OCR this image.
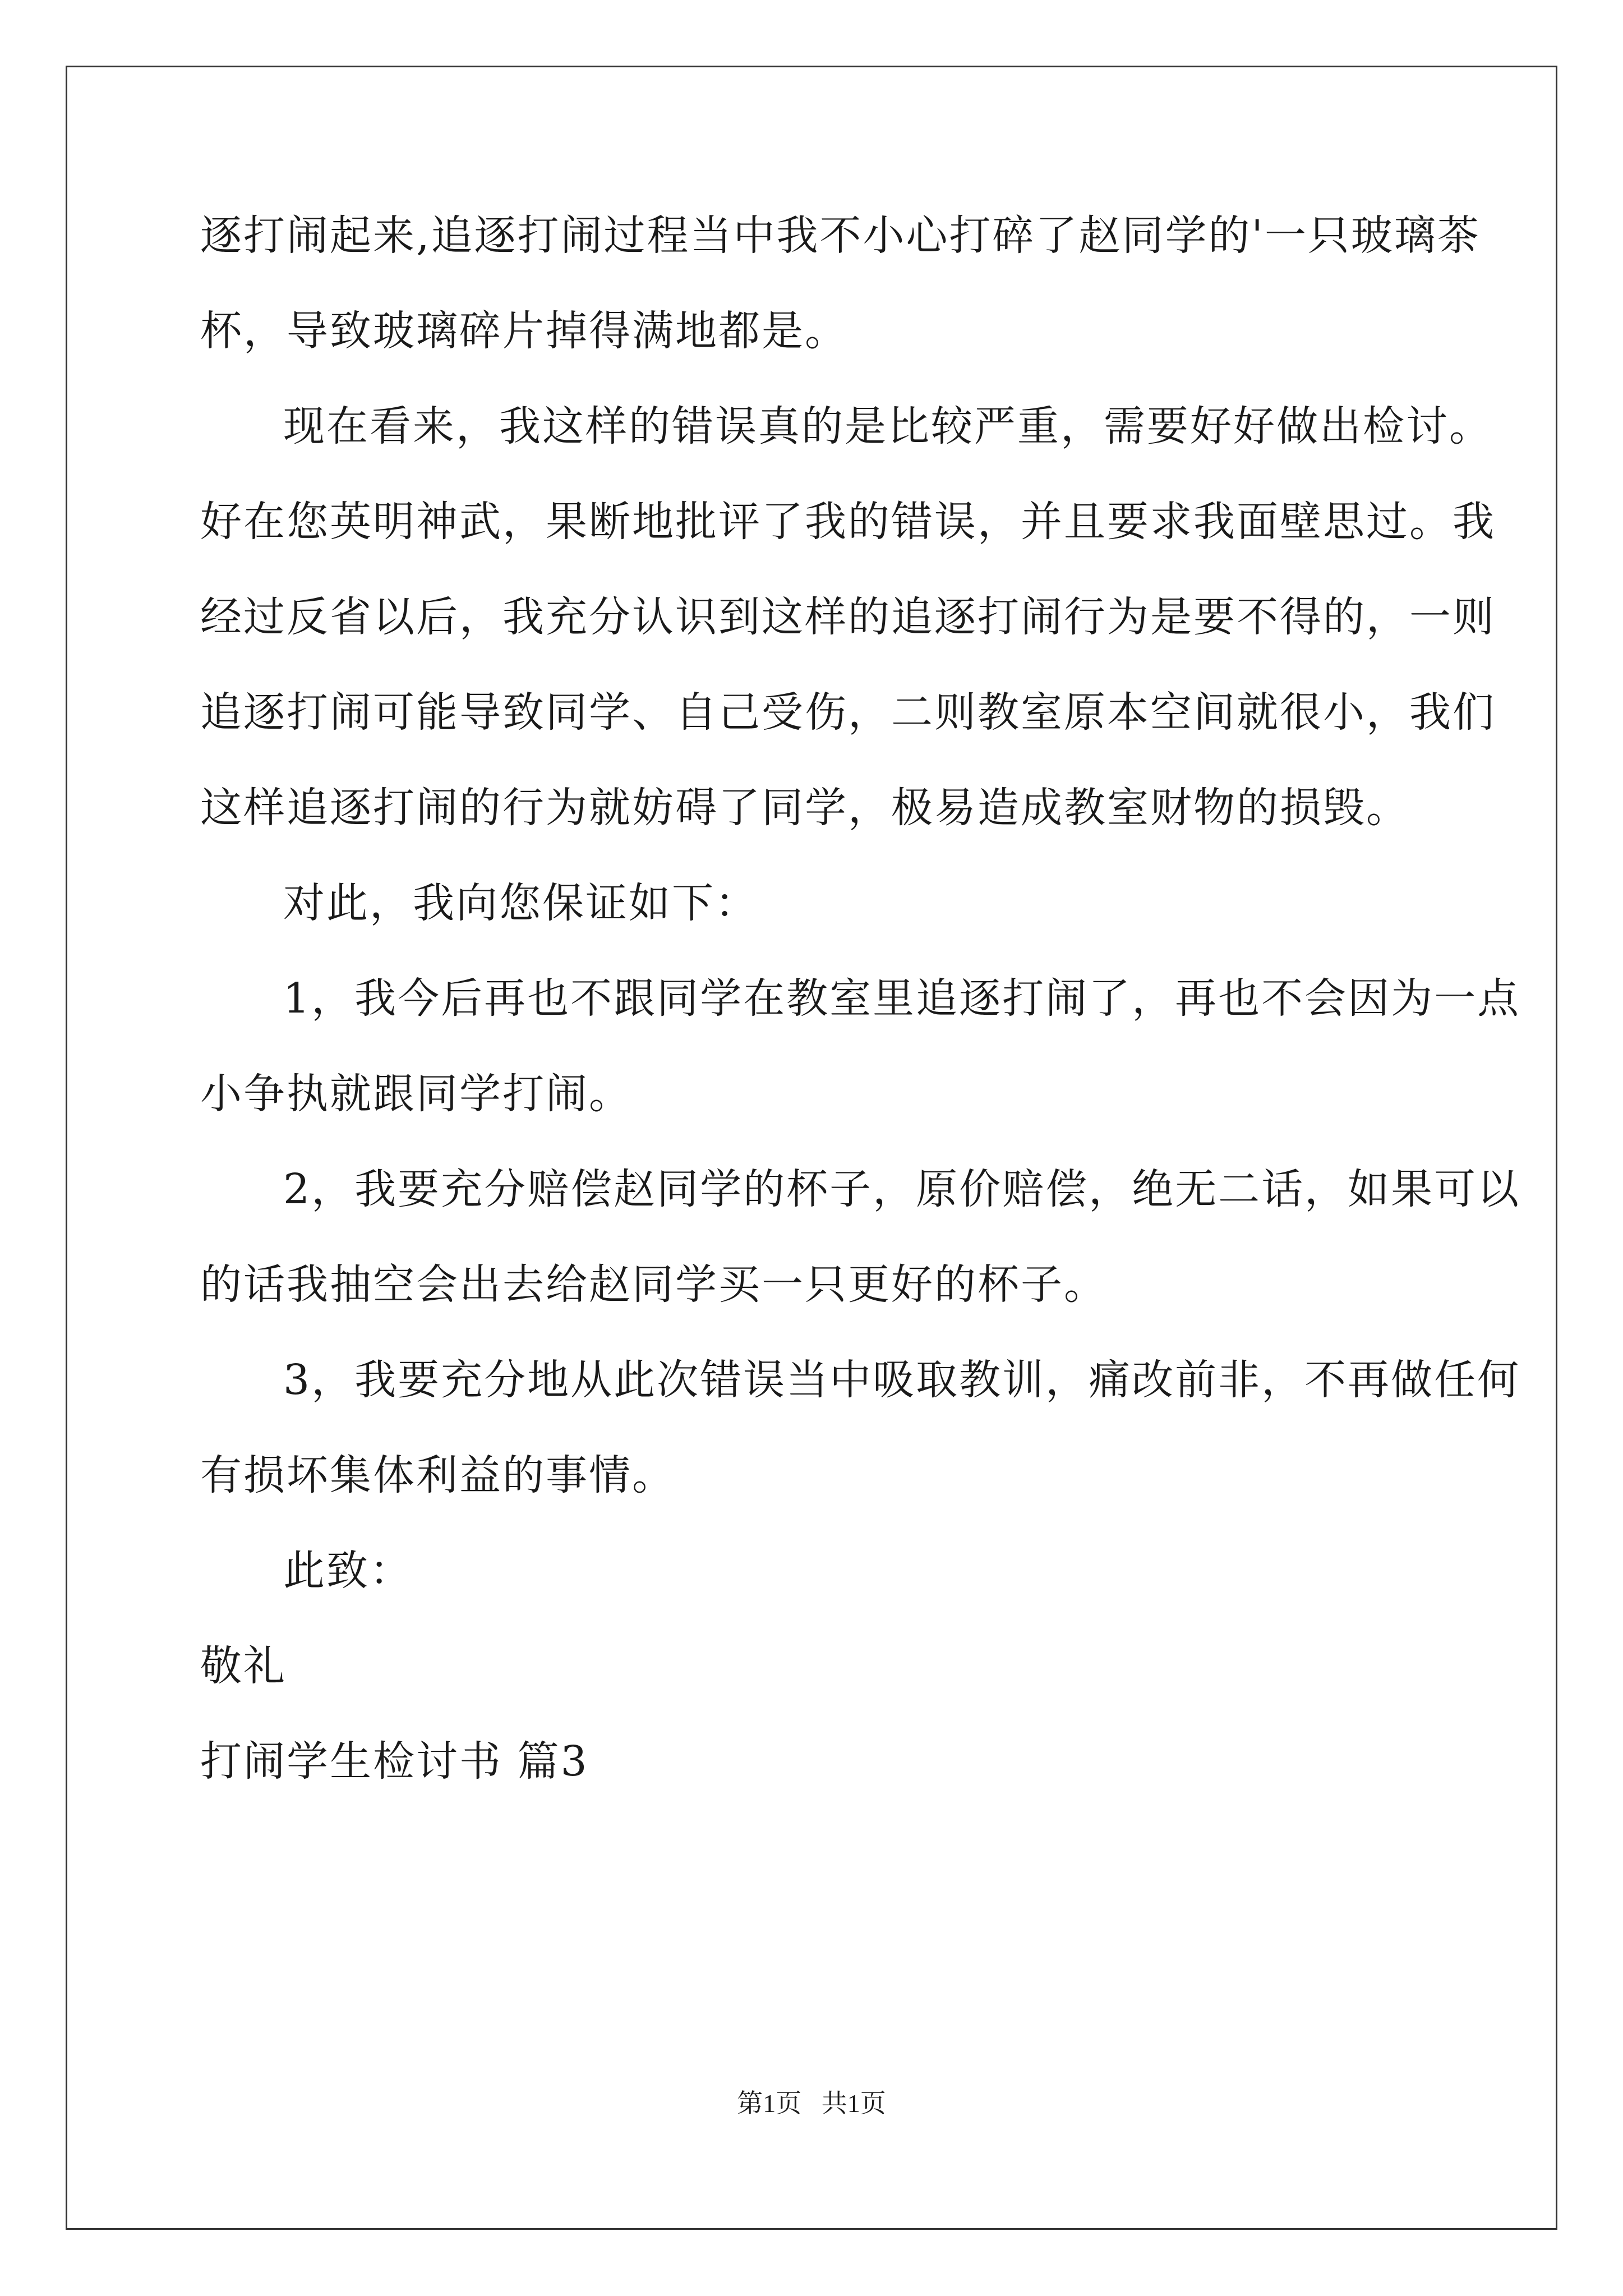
逐打闹起来,追逐打闹过程当中我不小心打碎了赵同学的'一只玻璃茶
杯，导致玻璃碎片掉得满地都是。
现在看来，我这样的错误真的是比较严重，需要好好做出检讨。
好在您英明神武，果断地批评了我的错误，并且要求我面壁思过。我
经过反省以后，我充分认识到这样的追逐打闹行为是要不得的，一则
追逐打闹可能导致同学、自己受伤，二则教室原本空间就很小，我们
这样追逐打闹的行为就妨碍了同学，极易造成教室财物的损毁。
对此，我向您保证如下：
1，我今后再也不跟同学在教室里追逐打闹了，再也不会因为一点
小争执就跟同学打闹。
2，我要充分赔偿赵同学的杯子，原价赔偿，绝无二话，如果可以
的话我抽空会出去给赵同学买一只更好的杯子。
3，我要充分地从此次错误当中吸取教训，痛改前非，不再做任何
有损坏集体利益的事情。
此致：
敬礼
打闹学生检讨书 篇3
第1页 共1页
